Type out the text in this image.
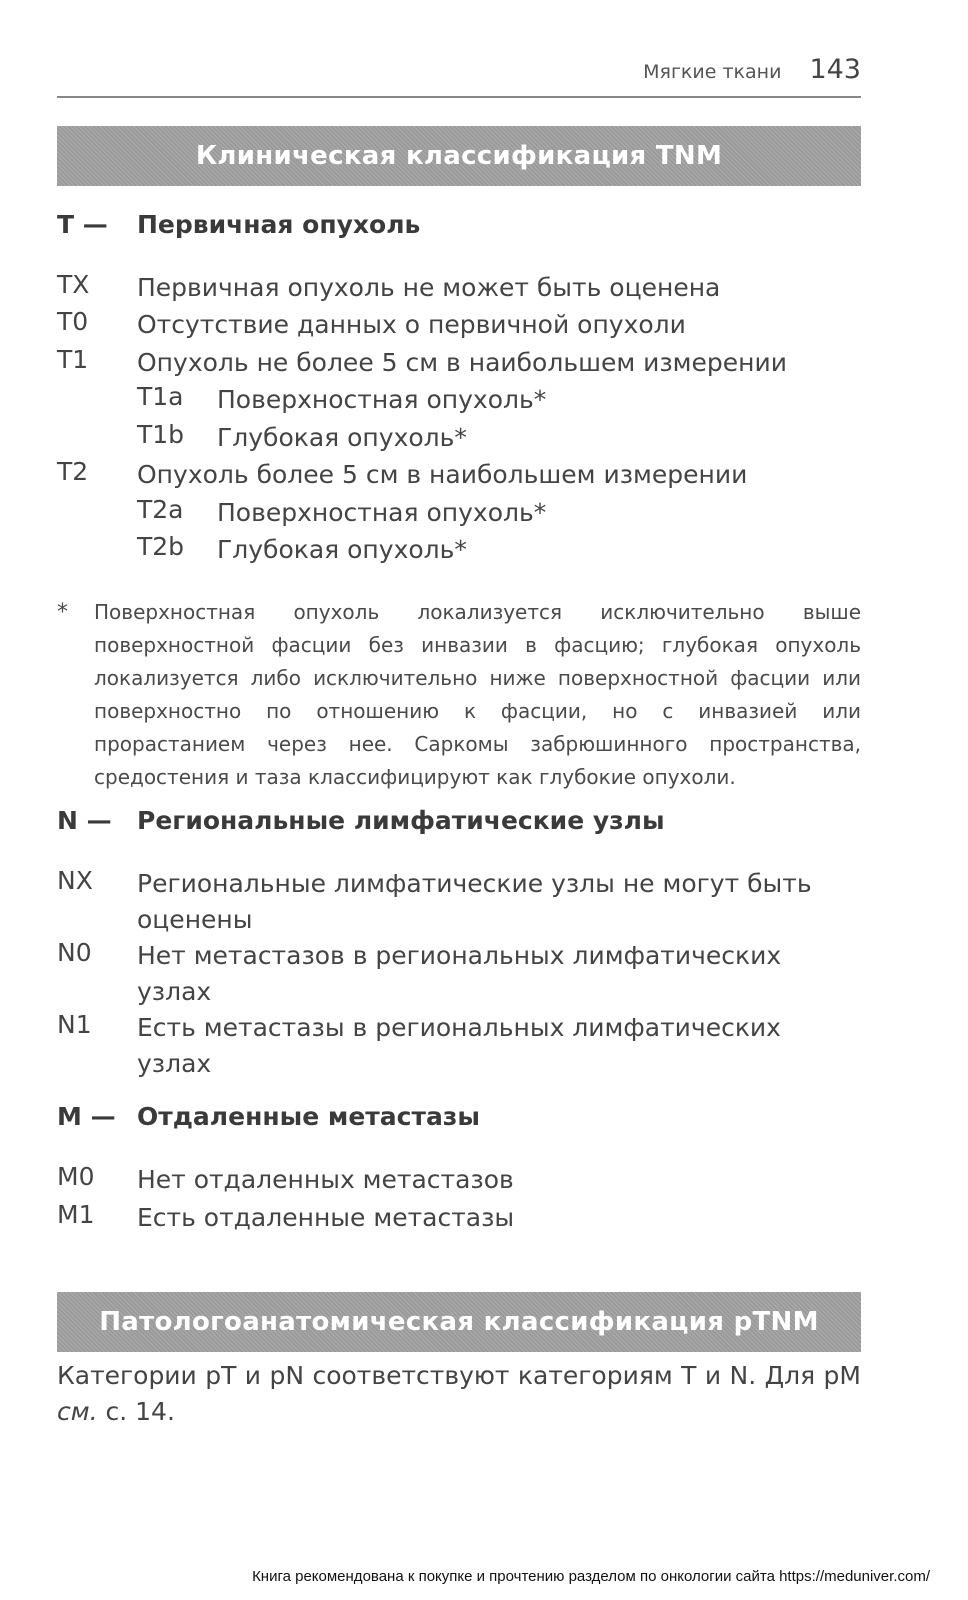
Мягкие ткани 143
Клиническая классификация TNM
T —	Первичная опухоль
TX	Первичная опухоль не может быть оценена
T0	Отсутствие данных о первичной опухоли
T1	Опухоль не более 5 см в наибольшем измерении
T1a	Поверхностная опухоль*
T1b	Глубокая опухоль*
T2	Опухоль более 5 см в наибольшем измерении
T2a	Поверхностная опухоль*
T2b	Глубокая опухоль*
*	Поверхностная опухоль локализуется исключительно выше поверхностной фасции без инвазии в фасцию; глубокая опухоль локализуется либо исключительно ниже поверхностной фасции или поверхностно по отношению к фасции, но с инвазией или прорастанием через нее. Саркомы забрюшинного пространства, средостения и таза классифицируют как глубокие опухоли.
N —	Региональные лимфатические узлы
NX	Региональные лимфатические узлы не могут быть оценены
N0	Нет метастазов в региональных лимфатических узлах
N1	Есть метастазы в региональных лимфатических узлах
M — Отдаленные метастазы
M0	Нет отдаленных метастазов
M1	Есть отдаленные метастазы
Патологоанатомическая классификация pTNM
Категории pT и pN соответствуют категориям T и N. Для pM см. с. 14.
Книга рекомендована к покупке и прочтению разделом по онкологии сайта https://meduniver.com/
